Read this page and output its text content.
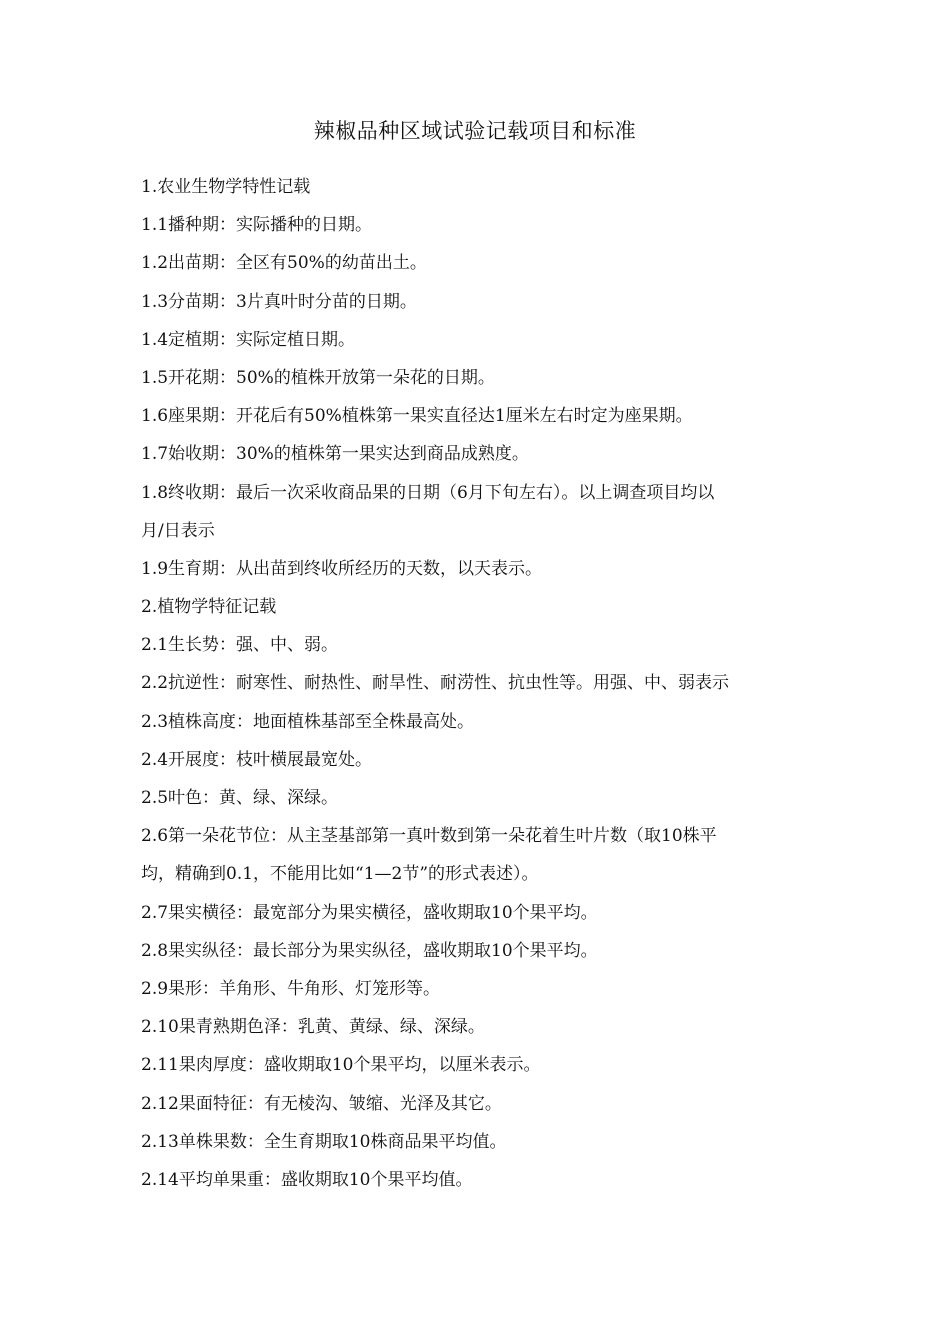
辣椒品种区域试验记载项目和标准
1.农业生物学特性记载
1.1播种期：实际播种的日期。
1.2出苗期：全区有50%的幼苗出土。
1.3分苗期：3片真叶时分苗的日期。
1.4定植期：实际定植日期。
1.5开花期：50%的植株开放第一朵花的日期。
1.6座果期：开花后有50%植株第一果实直径达1厘米左右时定为座果期。
1.7始收期：30%的植株第一果实达到商品成熟度。
1.8终收期：最后一次采收商品果的日期（6月下旬左右）。以上调查项目均以
月/日表示
1.9生育期：从出苗到终收所经历的天数，以天表示。
2.植物学特征记载
2.1生长势：强、中、弱。
2.2抗逆性：耐寒性、耐热性、耐旱性、耐涝性、抗虫性等。用强、中、弱表示
2.3植株高度：地面植株基部至全株最高处。
2.4开展度：枝叶横展最宽处。
2.5叶色：黄、绿、深绿。
2.6第一朵花节位：从主茎基部第一真叶数到第一朵花着生叶片数（取10株平
均，精确到0.1，不能用比如“1—2节”的形式表述）。
2.7果实横径：最宽部分为果实横径，盛收期取10个果平均。
2.8果实纵径：最长部分为果实纵径，盛收期取10个果平均。
2.9果形：羊角形、牛角形、灯笼形等。
2.10果青熟期色泽：乳黄、黄绿、绿、深绿。
2.11果肉厚度：盛收期取10个果平均，以厘米表示。
2.12果面特征：有无棱沟、皱缩、光泽及其它。
2.13单株果数：全生育期取10株商品果平均值。
2.14平均单果重：盛收期取10个果平均值。
